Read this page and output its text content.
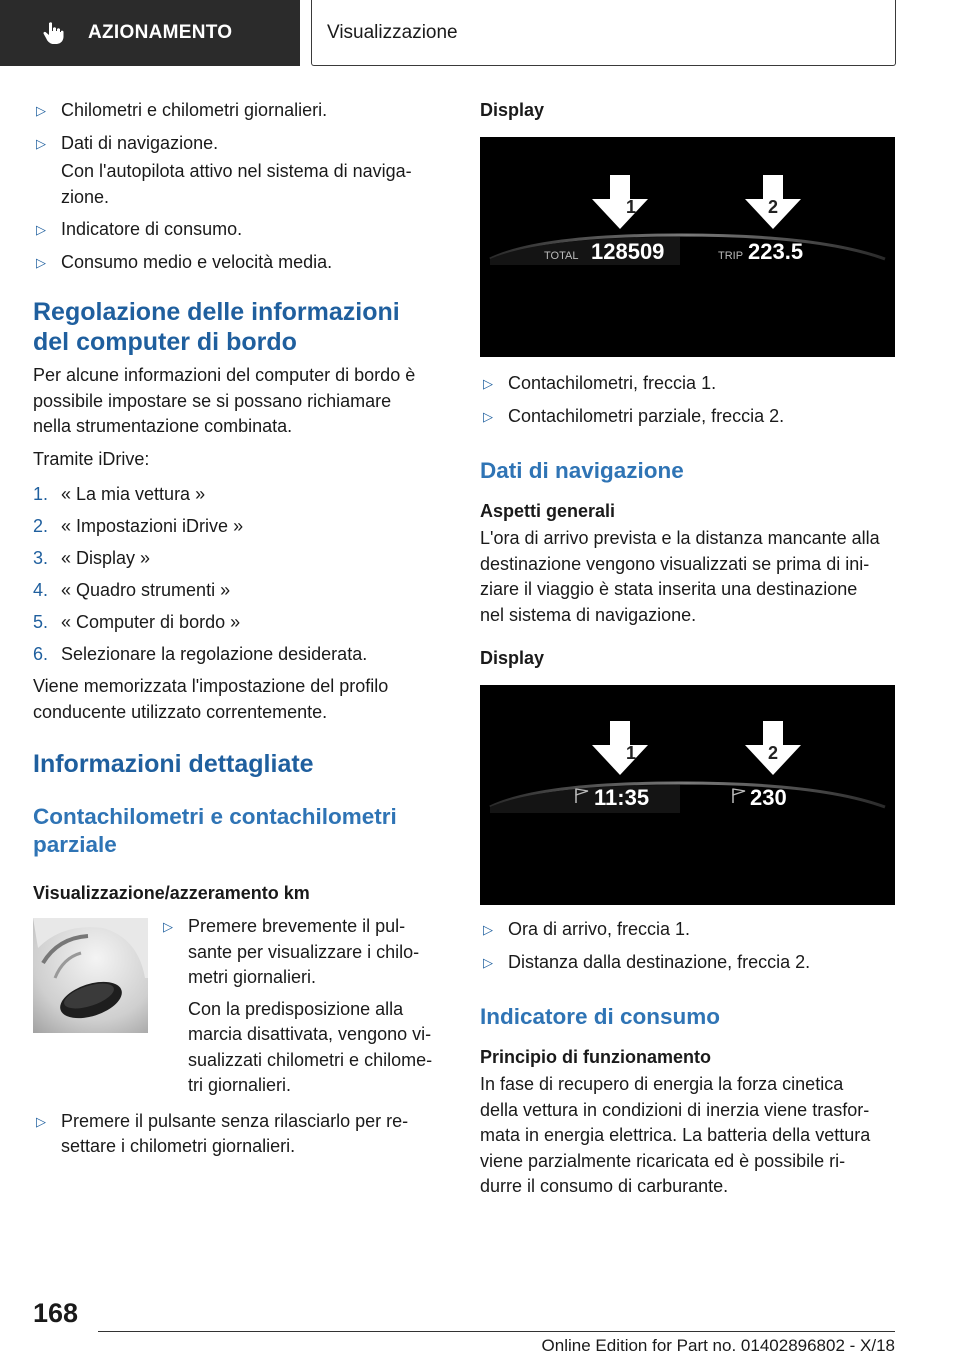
AZIONAMENTO	Visualizzazione
▷ Chilometri e chilometri giornalieri.
▷ Dati di navigazione.

Con l'autopilota attivo nel sistema di naviga-
zione.

▷ Indicatore di consumo.
▷ Consumo medio e velocità media.
Regolazione delle informazioni
del computer di bordo

Per alcune informazioni del computer di bordo è
possibile impostare se si possano richiamare
nella strumentazione combinata.

Tramite iDrive:

1. « La mia vettura »
2. « Impostazioni iDrive »
3. « Display »
4. « Quadro strumenti »
5. « Computer di bordo »
6. Selezionare la regolazione desiderata.

Viene memorizzata l'impostazione del profilo
conducente utilizzato correntemente.

Informazioni dettagliate
Contachilometri e contachilometri
parziale
Visualizzazione/azzeramento km
▷ Premere brevemente il pul-
sante per visualizzare i chilo-
metri giornalieri.

Con la predisposizione alla
marcia disattivata, vengono vi-
sualizzati chilometri e chilome-
tri giornalieri.

▷ Premere il pulsante senza rilasciarlo per re-
settare i chilometri giornalieri.
Display
1	2
TOTAL 128509	TRIP 223.5
▷ Contachilometri, freccia 1.
▷ Contachilometri parziale, freccia 2.
Dati di navigazione
Aspetti generali

L'ora di arrivo prevista e la distanza mancante alla
destinazione vengono visualizzati se prima di ini-
ziare il viaggio è stata inserita una destinazione
nel sistema di navigazione.

Display
1	2
11:35	230
▷ Ora di arrivo, freccia 1.
▷ Distanza dalla destinazione, freccia 2.
Indicatore di consumo
Principio di funzionamento

In fase di recupero di energia la forza cinetica
della vettura in condizioni di inerzia viene trasfor-
mata in energia elettrica. La batteria della vettura
viene parzialmente ricaricata ed è possibile ri-
durre il consumo di carburante.

168
Online Edition for Part no. 01402896802 - X/18
